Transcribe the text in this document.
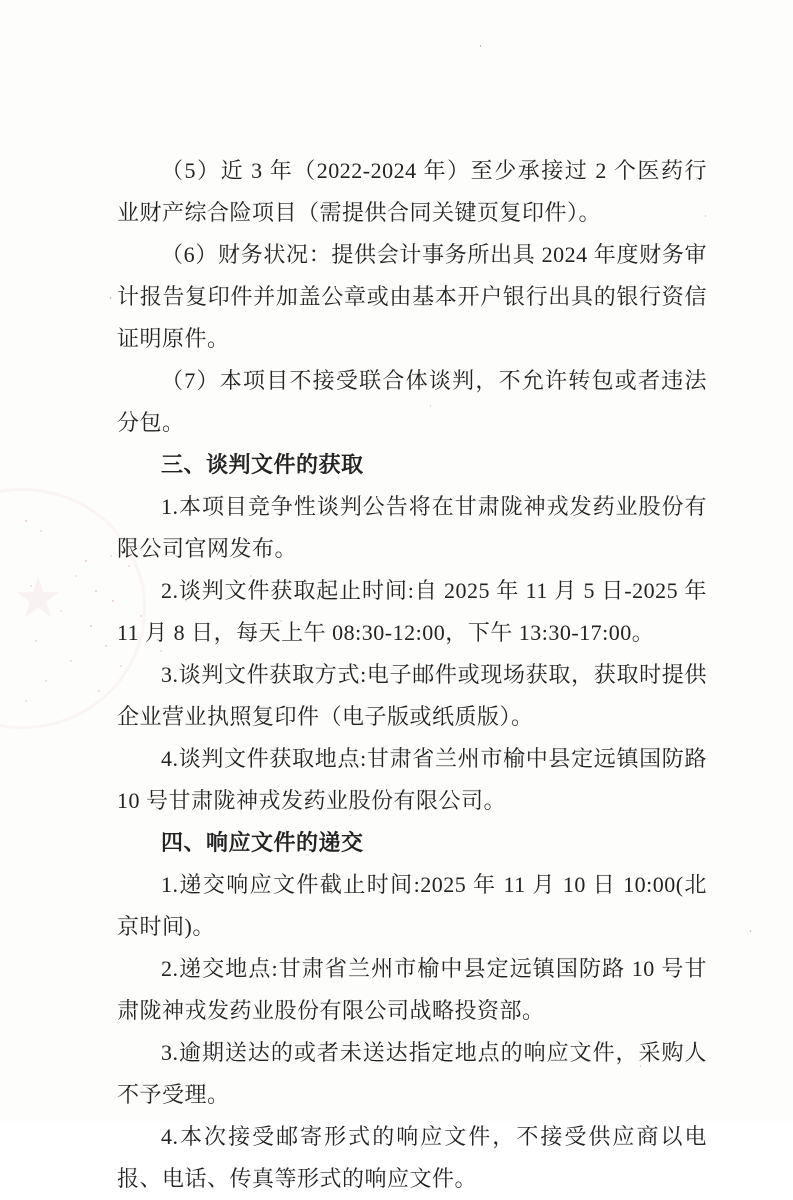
★

（5）近 3 年（2022-2024 年）至少承接过 2 个医药行业财产综合险项目（需提供合同关键页复印件）。

（6）财务状况：提供会计事务所出具 2024 年度财务审计报告复印件并加盖公章或由基本开户银行出具的银行资信证明原件。

（7）本项目不接受联合体谈判，不允许转包或者违法分包。

三、谈判文件的获取

1.本项目竞争性谈判公告将在甘肃陇神戎发药业股份有限公司官网发布。

2.谈判文件获取起止时间:自 2025 年 11 月 5 日-2025 年 11 月 8 日，每天上午 08:30-12:00，下午 13:30-17:00。

3.谈判文件获取方式:电子邮件或现场获取，获取时提供企业营业执照复印件（电子版或纸质版）。

4.谈判文件获取地点:甘肃省兰州市榆中县定远镇国防路 10 号甘肃陇神戎发药业股份有限公司。

四、响应文件的递交

1.递交响应文件截止时间:2025 年 11 月 10 日 10:00(北京时间)。

2.递交地点:甘肃省兰州市榆中县定远镇国防路 10 号甘肃陇神戎发药业股份有限公司战略投资部。

3.逾期送达的或者未送达指定地点的响应文件，采购人不予受理。

4.本次接受邮寄形式的响应文件，不接受供应商以电报、电话、传真等形式的响应文件。
